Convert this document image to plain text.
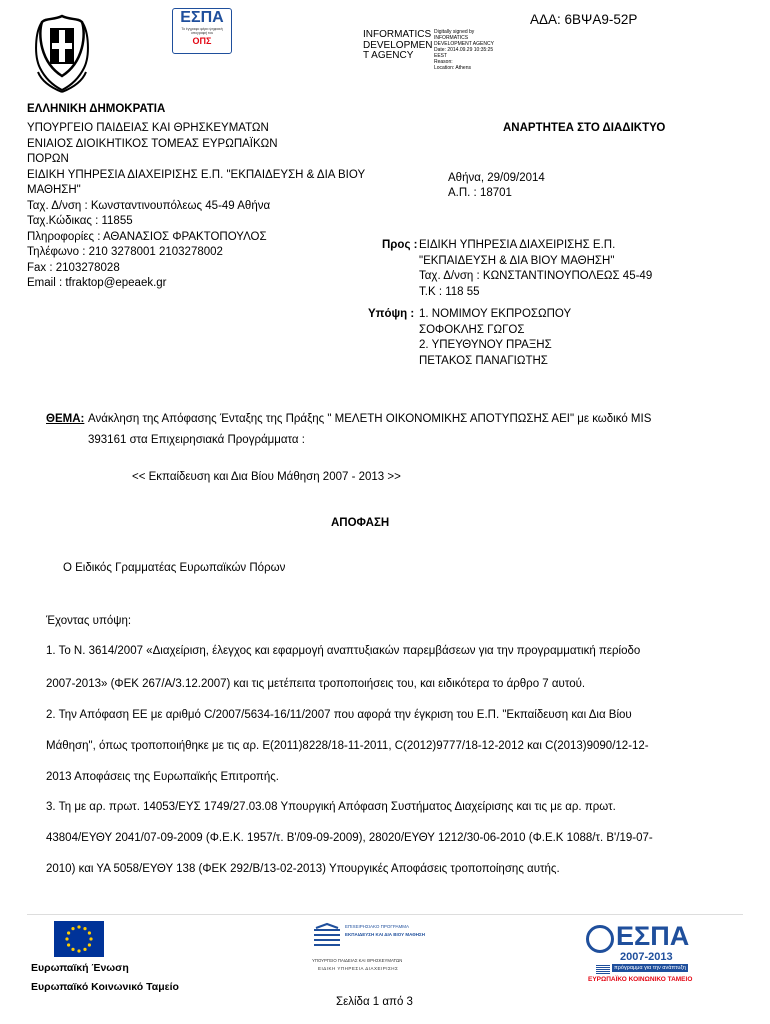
ΕΣΠΑ
Το έγγραφο φέρει ψηφιακή υπογραφή του
ΟΠΣ
INFORMATICS
DEVELOPMEN
T AGENCY
Digitally signed by
INFORMATICS
DEVELOPMENT AGENCY
Date: 2014.09.29 10:35:25
EEST
Reason:
Location: Athens
ΑΔΑ: 6ΒΨΑ9-52Ρ
ΕΛΛΗΝΙΚΗ ΔΗΜΟΚΡΑΤΙΑ
ΥΠΟΥΡΓΕΙΟ ΠΑΙΔΕΙΑΣ ΚΑΙ ΘΡΗΣΚΕΥΜΑΤΩΝ
ΕΝΙΑΙΟΣ ΔΙΟΙΚΗΤΙΚΟΣ ΤΟΜΕΑΣ ΕΥΡΩΠΑΪΚΩΝ
ΠΟΡΩΝ
ΕΙΔΙΚΗ ΥΠΗΡΕΣΙΑ ΔΙΑΧΕΙΡΙΣΗΣ Ε.Π. "ΕΚΠΑΙΔΕΥΣΗ & ΔΙΑ ΒΙΟΥ
ΜΑΘΗΣΗ"
Ταχ. Δ/νση : Κωνσταντινουπόλεως 45-49 Αθήνα
Ταχ.Κώδικας : 11855
Πληροφορίες : ΑΘΑΝΑΣΙΟΣ ΦΡΑΚΤΟΠΟΥΛΟΣ
Τηλέφωνο : 210 3278001 2103278002
Fax : 2103278028
Email : tfraktop@epeaek.gr
ΑΝΑΡΤΗΤΕΑ ΣΤΟ ΔΙΑΔΙΚΤΥΟ
Αθήνα, 29/09/2014
Α.Π. : 18701
Προς : ΕΙΔΙΚΗ ΥΠΗΡΕΣΙΑ ΔΙΑΧΕΙΡΙΣΗΣ Ε.Π.
"ΕΚΠΑΙΔΕΥΣΗ & ΔΙΑ ΒΙΟΥ ΜΑΘΗΣΗ"
Ταχ. Δ/νση : ΚΩΝΣΤΑΝΤΙΝΟΥΠΟΛΕΩΣ 45-49
Τ.Κ : 118 55
Υπόψη : 1. ΝΟΜΙΜΟΥ ΕΚΠΡΟΣΩΠΟΥ
ΣΟΦΟΚΛΗΣ ΓΩΓΟΣ
2. ΥΠΕΥΘΥΝΟΥ ΠΡΑΞΗΣ
ΠΕΤΑΚΟΣ ΠΑΝΑΓΙΩΤΗΣ
ΘΕΜΑ: Ανάκληση της Απόφασης Ένταξης της Πράξης " ΜΕΛΕΤΗ ΟΙΚΟΝΟΜΙΚΗΣ ΑΠΟΤΥΠΩΣΗΣ ΑΕΙ" με κωδικό MIS
393161 στα Επιχειρησιακά Προγράμματα :
<< Εκπαίδευση και Δια Βίου Μάθηση 2007 - 2013 >>
ΑΠΟΦΑΣΗ
Ο Ειδικός Γραμματέας Ευρωπαϊκών Πόρων
Έχοντας υπόψη:
1. Το Ν. 3614/2007 «Διαχείριση, έλεγχος και εφαρμογή αναπτυξιακών παρεμβάσεων για την προγραμματική περίοδο
2007-2013» (ΦΕΚ 267/Α/3.12.2007) και τις μετέπειτα τροποποιήσεις του, και ειδικότερα το άρθρο 7 αυτού.
2. Την Απόφαση ΕΕ με αριθμό C/2007/5634-16/11/2007 που αφορά την έγκριση του Ε.Π. "Εκπαίδευση και Δια Βίου
Μάθηση", όπως τροποποιήθηκε με τις αρ. E(2011)8228/18-11-2011, C(2012)9777/18-12-2012 και C(2013)9090/12-12-
2013 Αποφάσεις της Ευρωπαϊκής Επιτροπής.
3. Τη με αρ. πρωτ. 14053/ΕΥΣ 1749/27.03.08 Υπουργική Απόφαση Συστήματος Διαχείρισης και τις με αρ. πρωτ.
43804/ΕΥΘΥ 2041/07-09-2009 (Φ.Ε.Κ. 1957/τ. Β'/09-09-2009), 28020/ΕΥΘΥ 1212/30-06-2010 (Φ.Ε.Κ 1088/τ. Β'/19-07-
2010) και ΥΑ 5058/ΕΥΘΥ 138 (ΦΕΚ 292/Β/13-02-2013) Υπουργικές Αποφάσεις τροποποίησης αυτής.
Ευρωπαϊκή Ένωση
Ευρωπαϊκό Κοινωνικό Ταμείο
ΕΠΙΧΕΙΡΗΣΙΑΚΟ ΠΡΟΓΡΑΜΜΑ
ΕΚΠΑΙΔΕΥΣΗ ΚΑΙ ΔΙΑ ΒΙΟΥ ΜΑΘΗΣΗ
ΥΠΟΥΡΓΕΙΟ ΠΑΙΔΕΙΑΣ ΚΑΙ ΘΡΗΣΚΕΥΜΑΤΩΝ
ΕΙΔΙΚΗ ΥΠΗΡΕΣΙΑ ΔΙΑΧΕΙΡΙΣΗΣ
ΕΣΠΑ
2007-2013
πρόγραμμα για την ανάπτυξη
ΕΥΡΩΠΑΪΚΟ ΚΟΙΝΩΝΙΚΟ ΤΑΜΕΙΟ
Σελίδα 1 από 3
